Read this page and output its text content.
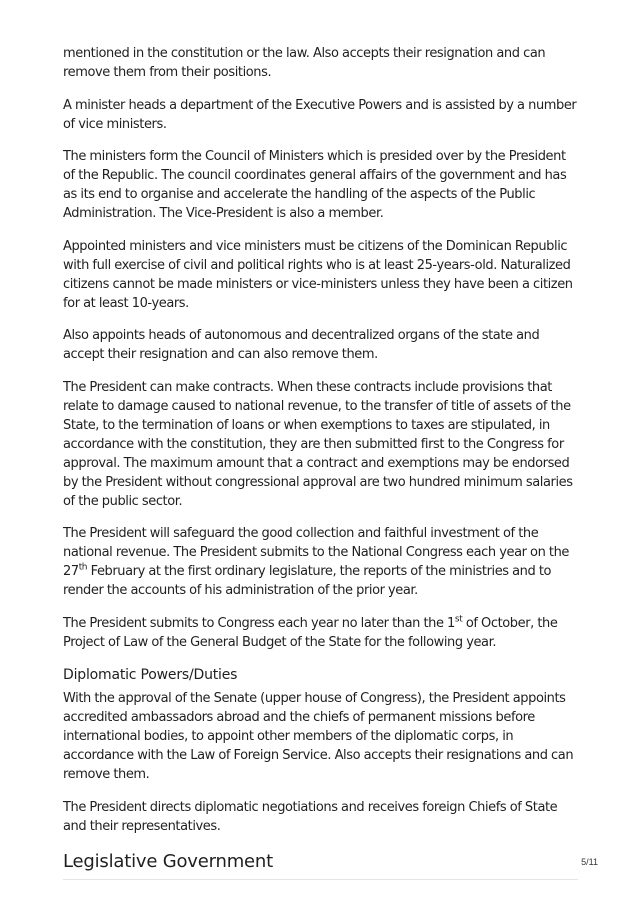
mentioned in the constitution or the law. Also accepts their resignation and can remove them from their positions.

A minister heads a department of the Executive Powers and is assisted by a number of vice ministers.

The ministers form the Council of Ministers which is presided over by the President of the Republic. The council coordinates general affairs of the government and has as its end to organise and accelerate the handling of the aspects of the Public Administration. The Vice-President is also a member.

Appointed ministers and vice ministers must be citizens of the Dominican Republic with full exercise of civil and political rights who is at least 25-years-old. Naturalized citizens cannot be made ministers or vice-ministers unless they have been a citizen for at least 10-years.

Also appoints heads of autonomous and decentralized organs of the state and accept their resignation and can also remove them.

The President can make contracts. When these contracts include provisions that relate to damage caused to national revenue, to the transfer of title of assets of the State, to the termination of loans or when exemptions to taxes are stipulated, in accordance with the constitution, they are then submitted first to the Congress for approval. The maximum amount that a contract and exemptions may be endorsed by the President without congressional approval are two hundred minimum salaries of the public sector.

The President will safeguard the good collection and faithful investment of the national revenue. The President submits to the National Congress each year on the 27th February at the first ordinary legislature, the reports of the ministries and to render the accounts of his administration of the prior year.

The President submits to Congress each year no later than the 1st of October, the Project of Law of the General Budget of the State for the following year.

Diplomatic Powers/Duties

With the approval of the Senate (upper house of Congress), the President appoints accredited ambassadors abroad and the chiefs of permanent missions before international bodies, to appoint other members of the diplomatic corps, in accordance with the Law of Foreign Service. Also accepts their resignations and can remove them.

The President directs diplomatic negotiations and receives foreign Chiefs of State and their representatives.

Legislative Government	5/11
